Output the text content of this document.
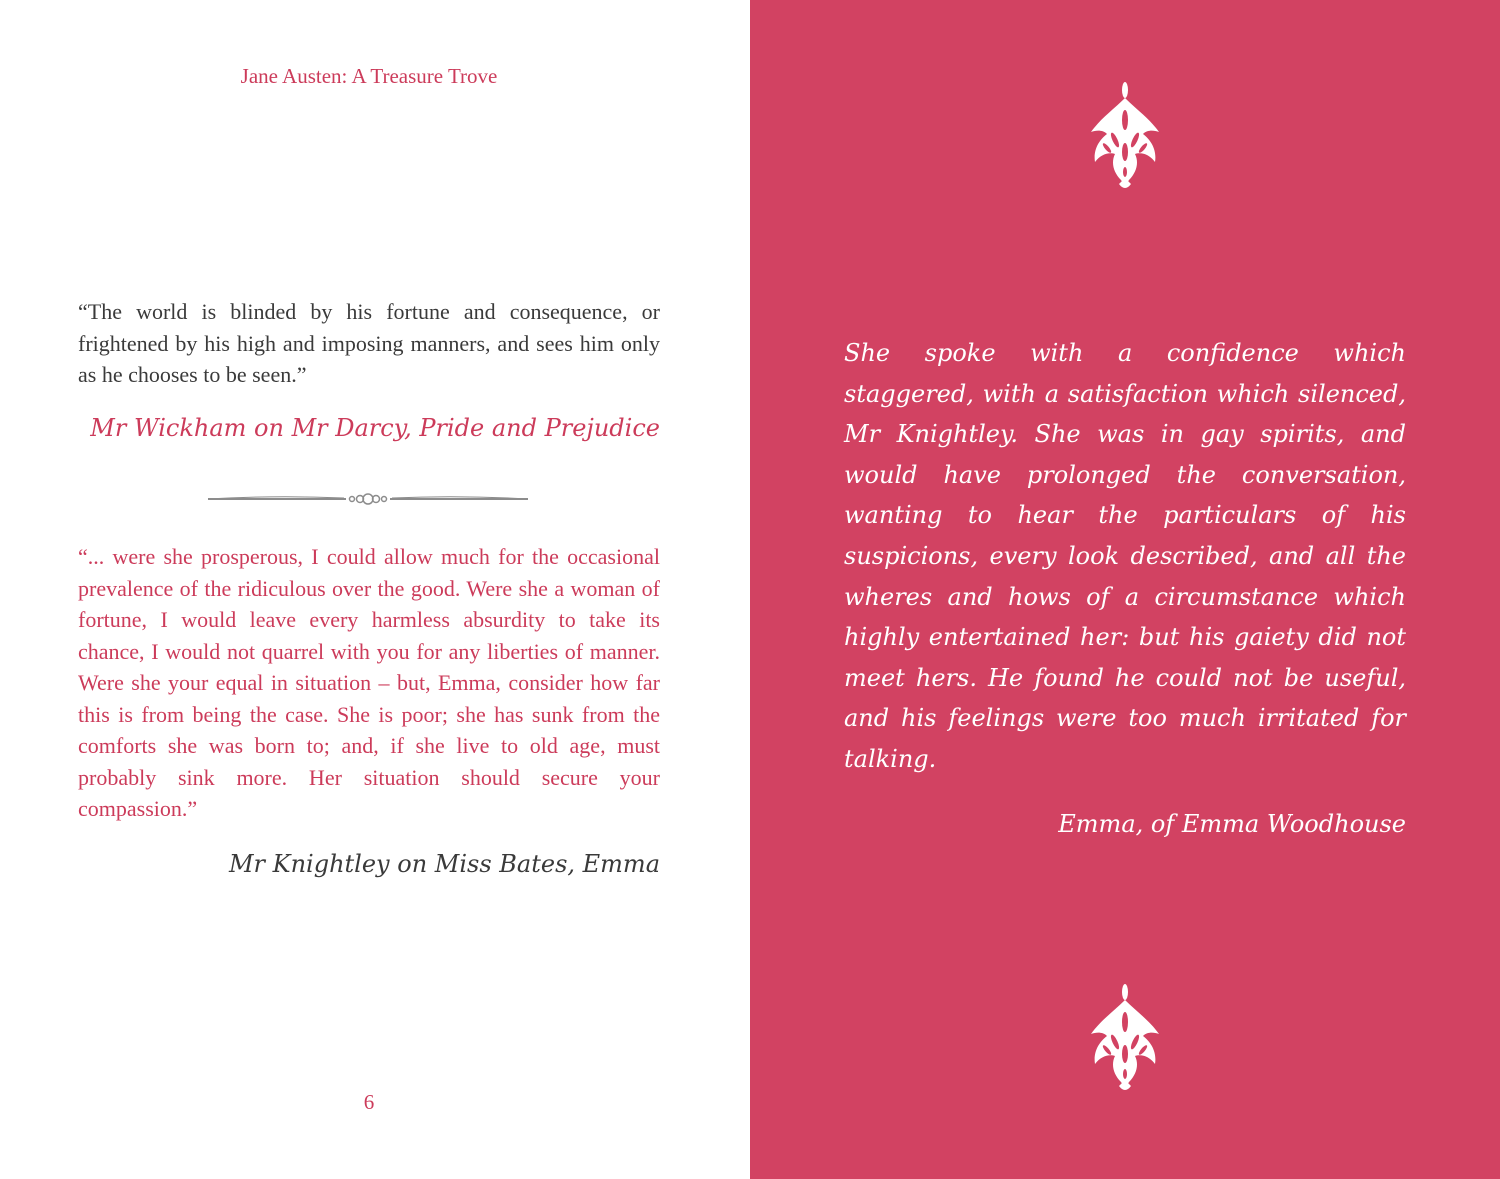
Jane Austen: A Treasure Trove

“The world is blinded by his fortune and consequence, or frightened by his high and imposing manners, and sees him only as he chooses to be seen.”

Mr Wickham on Mr Darcy, Pride and Prejudice

“... were she prosperous, I could allow much for the occasional prevalence of the ridiculous over the good. Were she a woman of fortune, I would leave every harmless absurdity to take its chance, I would not quarrel with you for any liberties of manner. Were she your equal in situation – but, Emma, consider how far this is from being the case. She is poor; she has sunk from the comforts she was born to; and, if she live to old age, must probably sink more. Her situation should secure your compassion.”

Mr Knightley on Miss Bates, Emma

6

She spoke with a confidence which staggered, with a satisfaction which silenced, Mr Knightley. She was in gay spirits, and would have prolonged the conversation, wanting to hear the particulars of his suspicions, every look described, and all the wheres and hows of a circumstance which highly entertained her: but his gaiety did not meet hers. He found he could not be useful, and his feelings were too much irritated for talking.

Emma, of Emma Woodhouse
